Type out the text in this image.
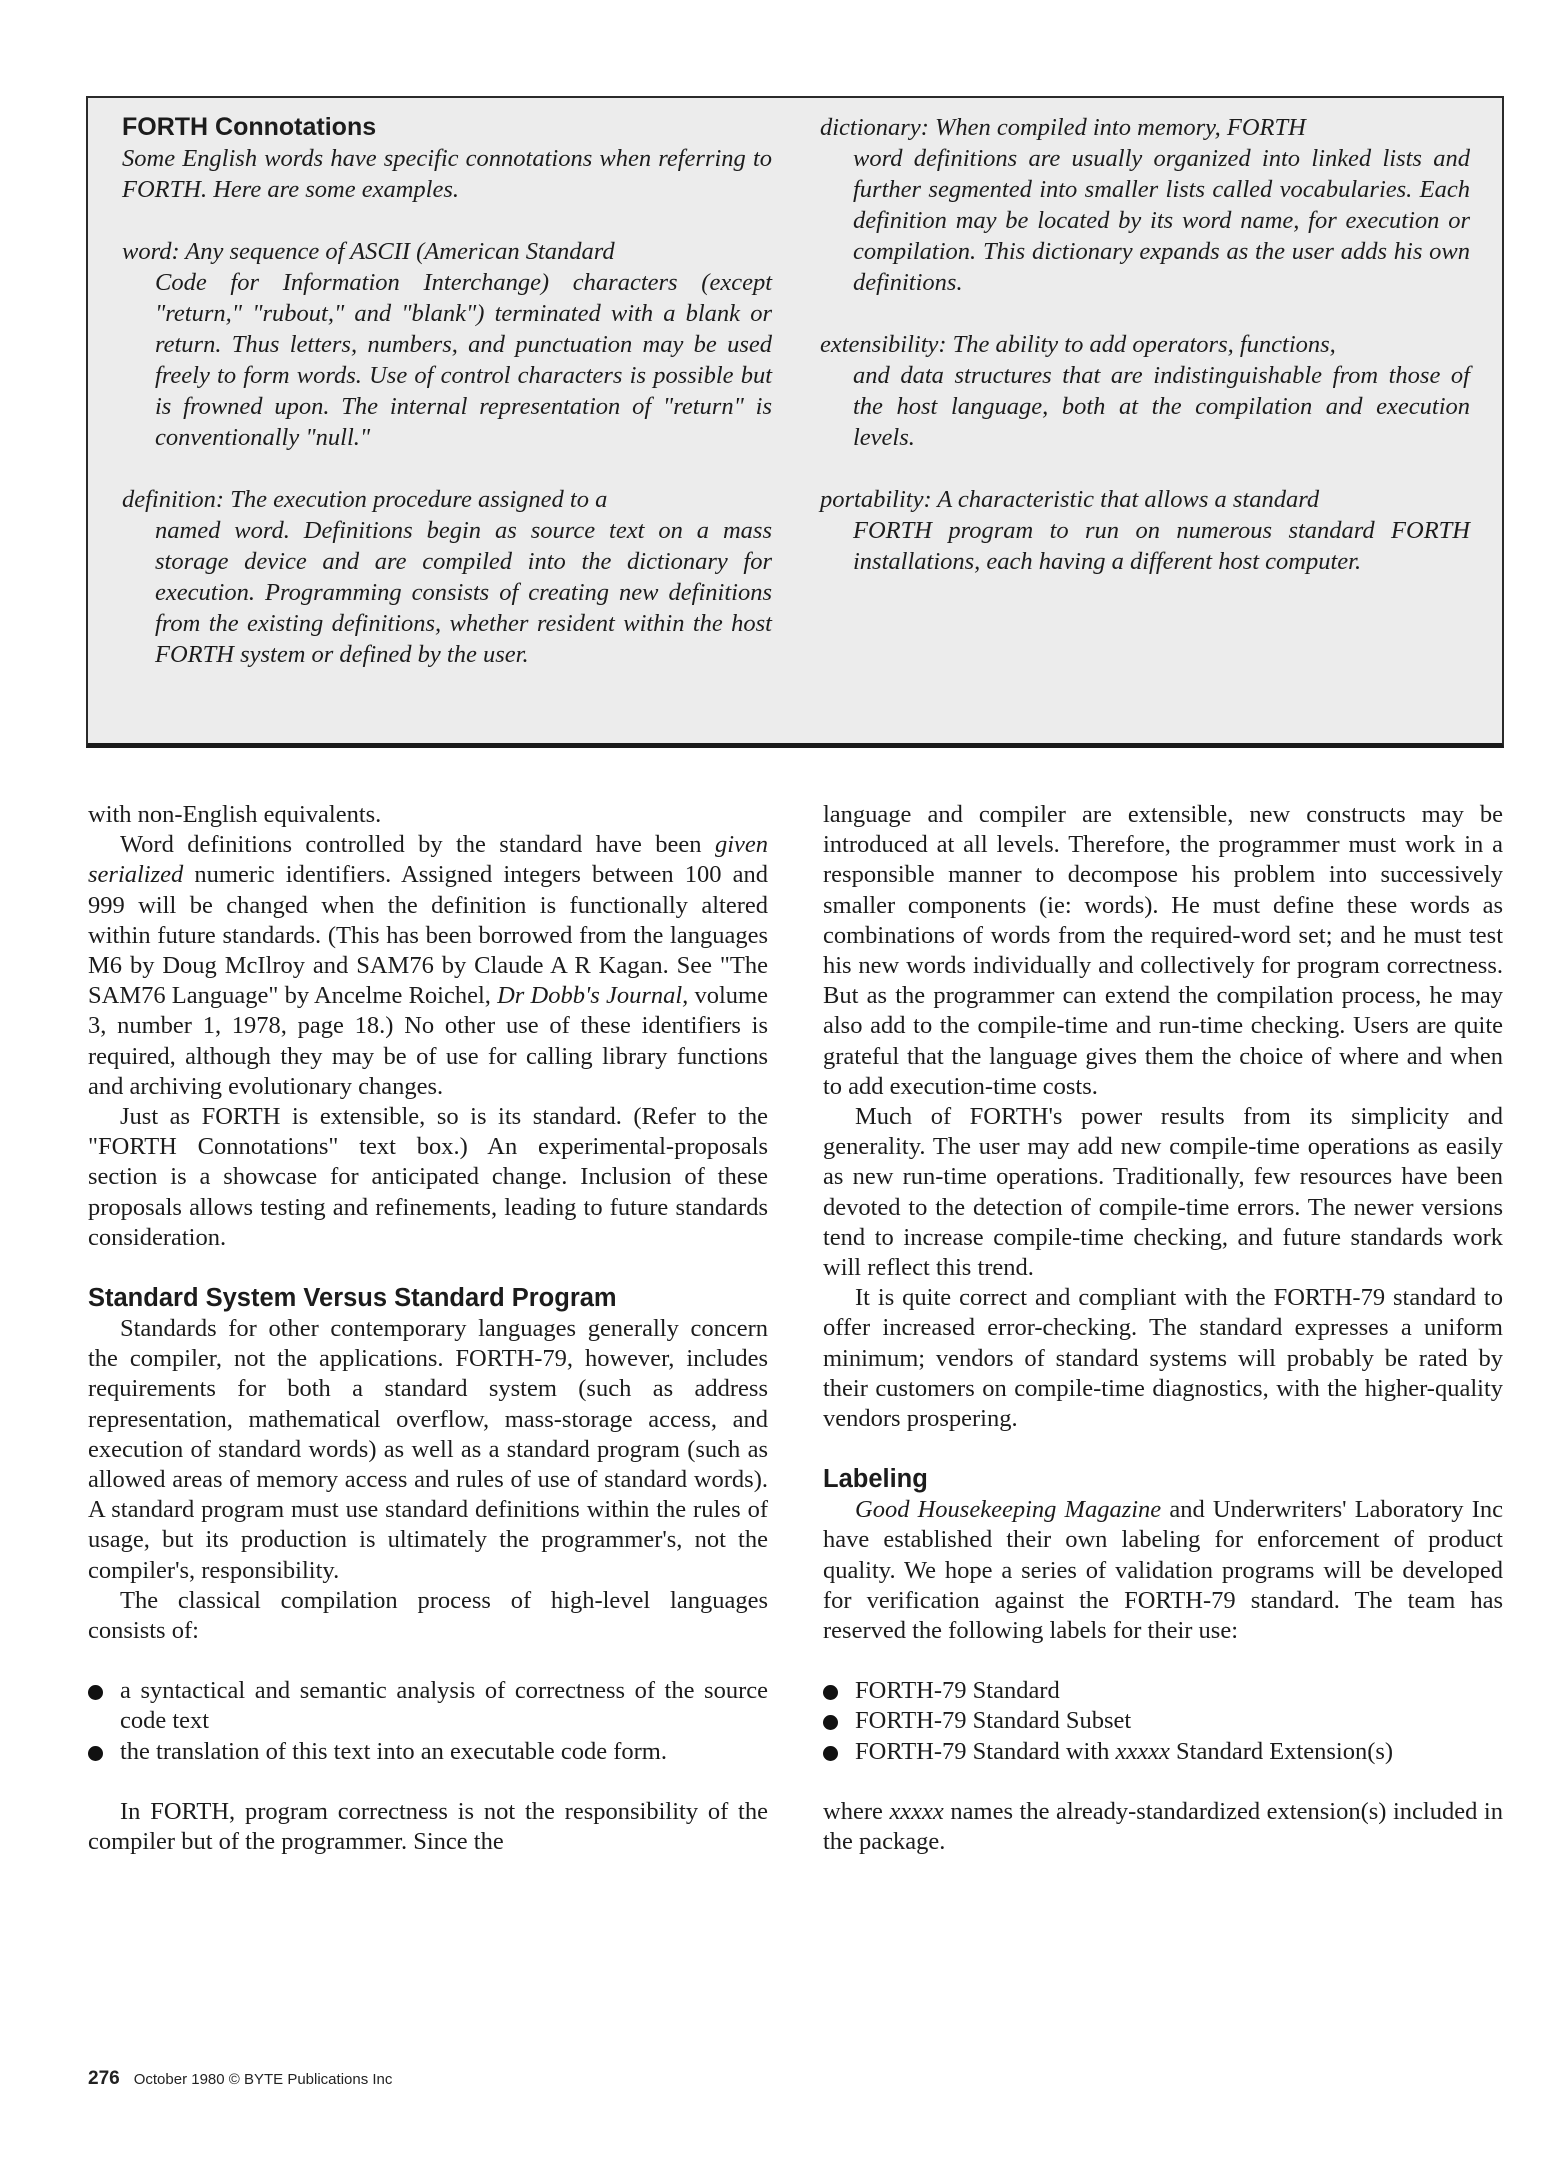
FORTH Connotations

Some English words have specific connotations when referring to FORTH. Here are some examples.

word: Any sequence of ASCII (American Standard
Code for Information Interchange) characters (except "return," "rubout," and "blank") terminated with a blank or return. Thus letters, numbers, and punctuation may be used freely to form words. Use of control characters is possible but is frowned upon. The internal representation of "return" is conventionally "null."
definition: The execution procedure assigned to a
named word. Definitions begin as source text on a mass storage device and are compiled into the dictionary for execution. Programming consists of creating new definitions from the existing definitions, whether resident within the host FORTH system or defined by the user.
dictionary: When compiled into memory, FORTH
word definitions are usually organized into linked lists and further segmented into smaller lists called vocabularies. Each definition may be located by its word name, for execution or compilation. This dictionary expands as the user adds his own definitions.
extensibility: The ability to add operators, functions,
and data structures that are indistinguishable from those of the host language, both at the compilation and execution levels.
portability: A characteristic that allows a standard
FORTH program to run on numerous standard FORTH installations, each having a different host computer.

with non-English equivalents.

Word definitions controlled by the standard have been given serialized numeric identifiers. Assigned integers between 100 and 999 will be changed when the definition is functionally altered within future standards. (This has been borrowed from the languages M6 by Doug McIlroy and SAM76 by Claude A R Kagan. See "The SAM76 Language" by Ancelme Roichel, Dr Dobb's Journal, volume 3, number 1, 1978, page 18.) No other use of these identifiers is required, although they may be of use for calling library functions and archiving evolutionary changes.

Just as FORTH is extensible, so is its standard. (Refer to the "FORTH Connotations" text box.) An experimental-proposals section is a showcase for anticipated change. Inclusion of these proposals allows testing and refinements, leading to future standards consideration.

Standard System Versus Standard Program

Standards for other contemporary languages generally concern the compiler, not the applications. FORTH-79, however, includes requirements for both a standard system (such as address representation, mathematical overflow, mass-storage access, and execution of standard words) as well as a standard program (such as allowed areas of memory access and rules of use of standard words). A standard program must use standard definitions within the rules of usage, but its production is ultimately the programmer's, not the compiler's, responsibility.

The classical compilation process of high-level languages consists of:

a syntactical and semantic analysis of correctness of the source code text
the translation of this text into an executable code form.

In FORTH, program correctness is not the responsibility of the compiler but of the programmer. Since the

language and compiler are extensible, new constructs may be introduced at all levels. Therefore, the programmer must work in a responsible manner to decompose his problem into successively smaller components (ie: words). He must define these words as combinations of words from the required-word set; and he must test his new words individually and collectively for program correctness. But as the programmer can extend the compilation process, he may also add to the compile-time and run-time checking. Users are quite grateful that the language gives them the choice of where and when to add execution-time costs.

Much of FORTH's power results from its simplicity and generality. The user may add new compile-time operations as easily as new run-time operations. Traditionally, few resources have been devoted to the detection of compile-time errors. The newer versions tend to increase compile-time checking, and future standards work will reflect this trend.

It is quite correct and compliant with the FORTH-79 standard to offer increased error-checking. The standard expresses a uniform minimum; vendors of standard systems will probably be rated by their customers on compile-time diagnostics, with the higher-quality vendors prospering.

Labeling

Good Housekeeping Magazine and Underwriters' Laboratory Inc have established their own labeling for enforcement of product quality. We hope a series of validation programs will be developed for verification against the FORTH-79 standard. The team has reserved the following labels for their use:

FORTH-79 Standard
FORTH-79 Standard Subset
FORTH-79 Standard with xxxxx Standard Extension(s)

where xxxxx names the already-standardized extension(s) included in the package.

276 October 1980 © BYTE Publications Inc
